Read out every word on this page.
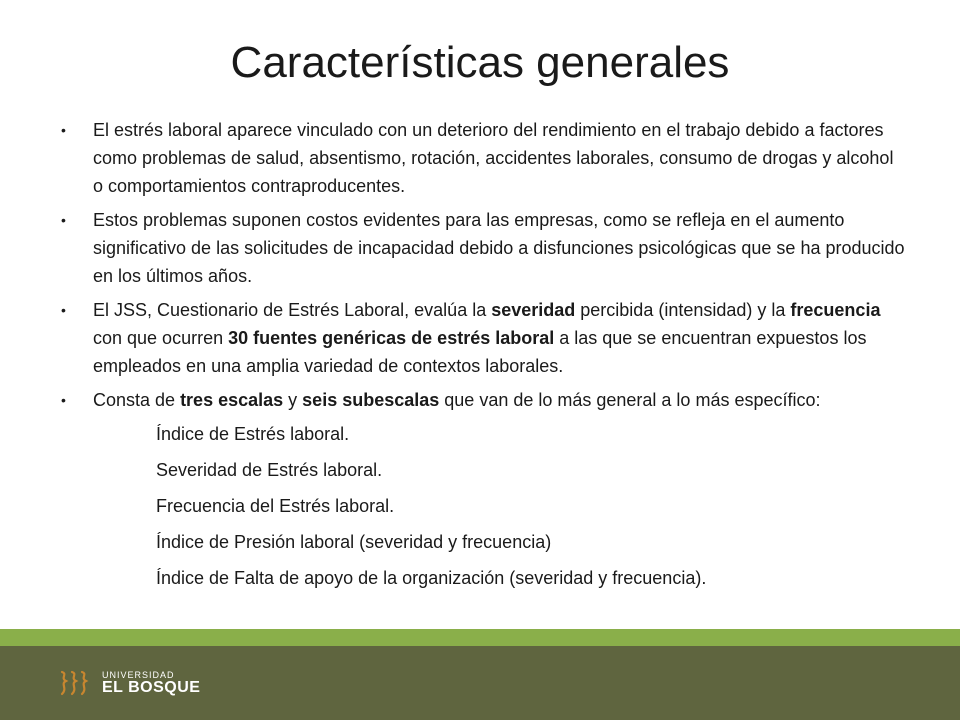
Características generales
• El estrés laboral aparece vinculado con un deterioro del rendimiento en el trabajo debido a factores como problemas de salud, absentismo, rotación, accidentes laborales, consumo de drogas y alcohol o comportamientos contraproducentes.
• Estos problemas suponen costos evidentes para las empresas, como se refleja en el aumento significativo de las solicitudes de incapacidad debido a disfunciones psicológicas que se ha producido en los últimos años.
• El JSS, Cuestionario de Estrés Laboral, evalúa la severidad percibida (intensidad) y la frecuencia con que ocurren 30 fuentes genéricas de estrés laboral a las que se encuentran expuestos los empleados en una amplia variedad de contextos laborales.
• Consta de tres escalas y seis subescalas que van de lo más general a lo más específico:
Índice de Estrés laboral.
Severidad de Estrés laboral.
Frecuencia del Estrés laboral.
Índice de Presión laboral (severidad y frecuencia)
Índice de Falta de apoyo de la organización (severidad y frecuencia).
UNIVERSIDAD
EL BOSQUE
